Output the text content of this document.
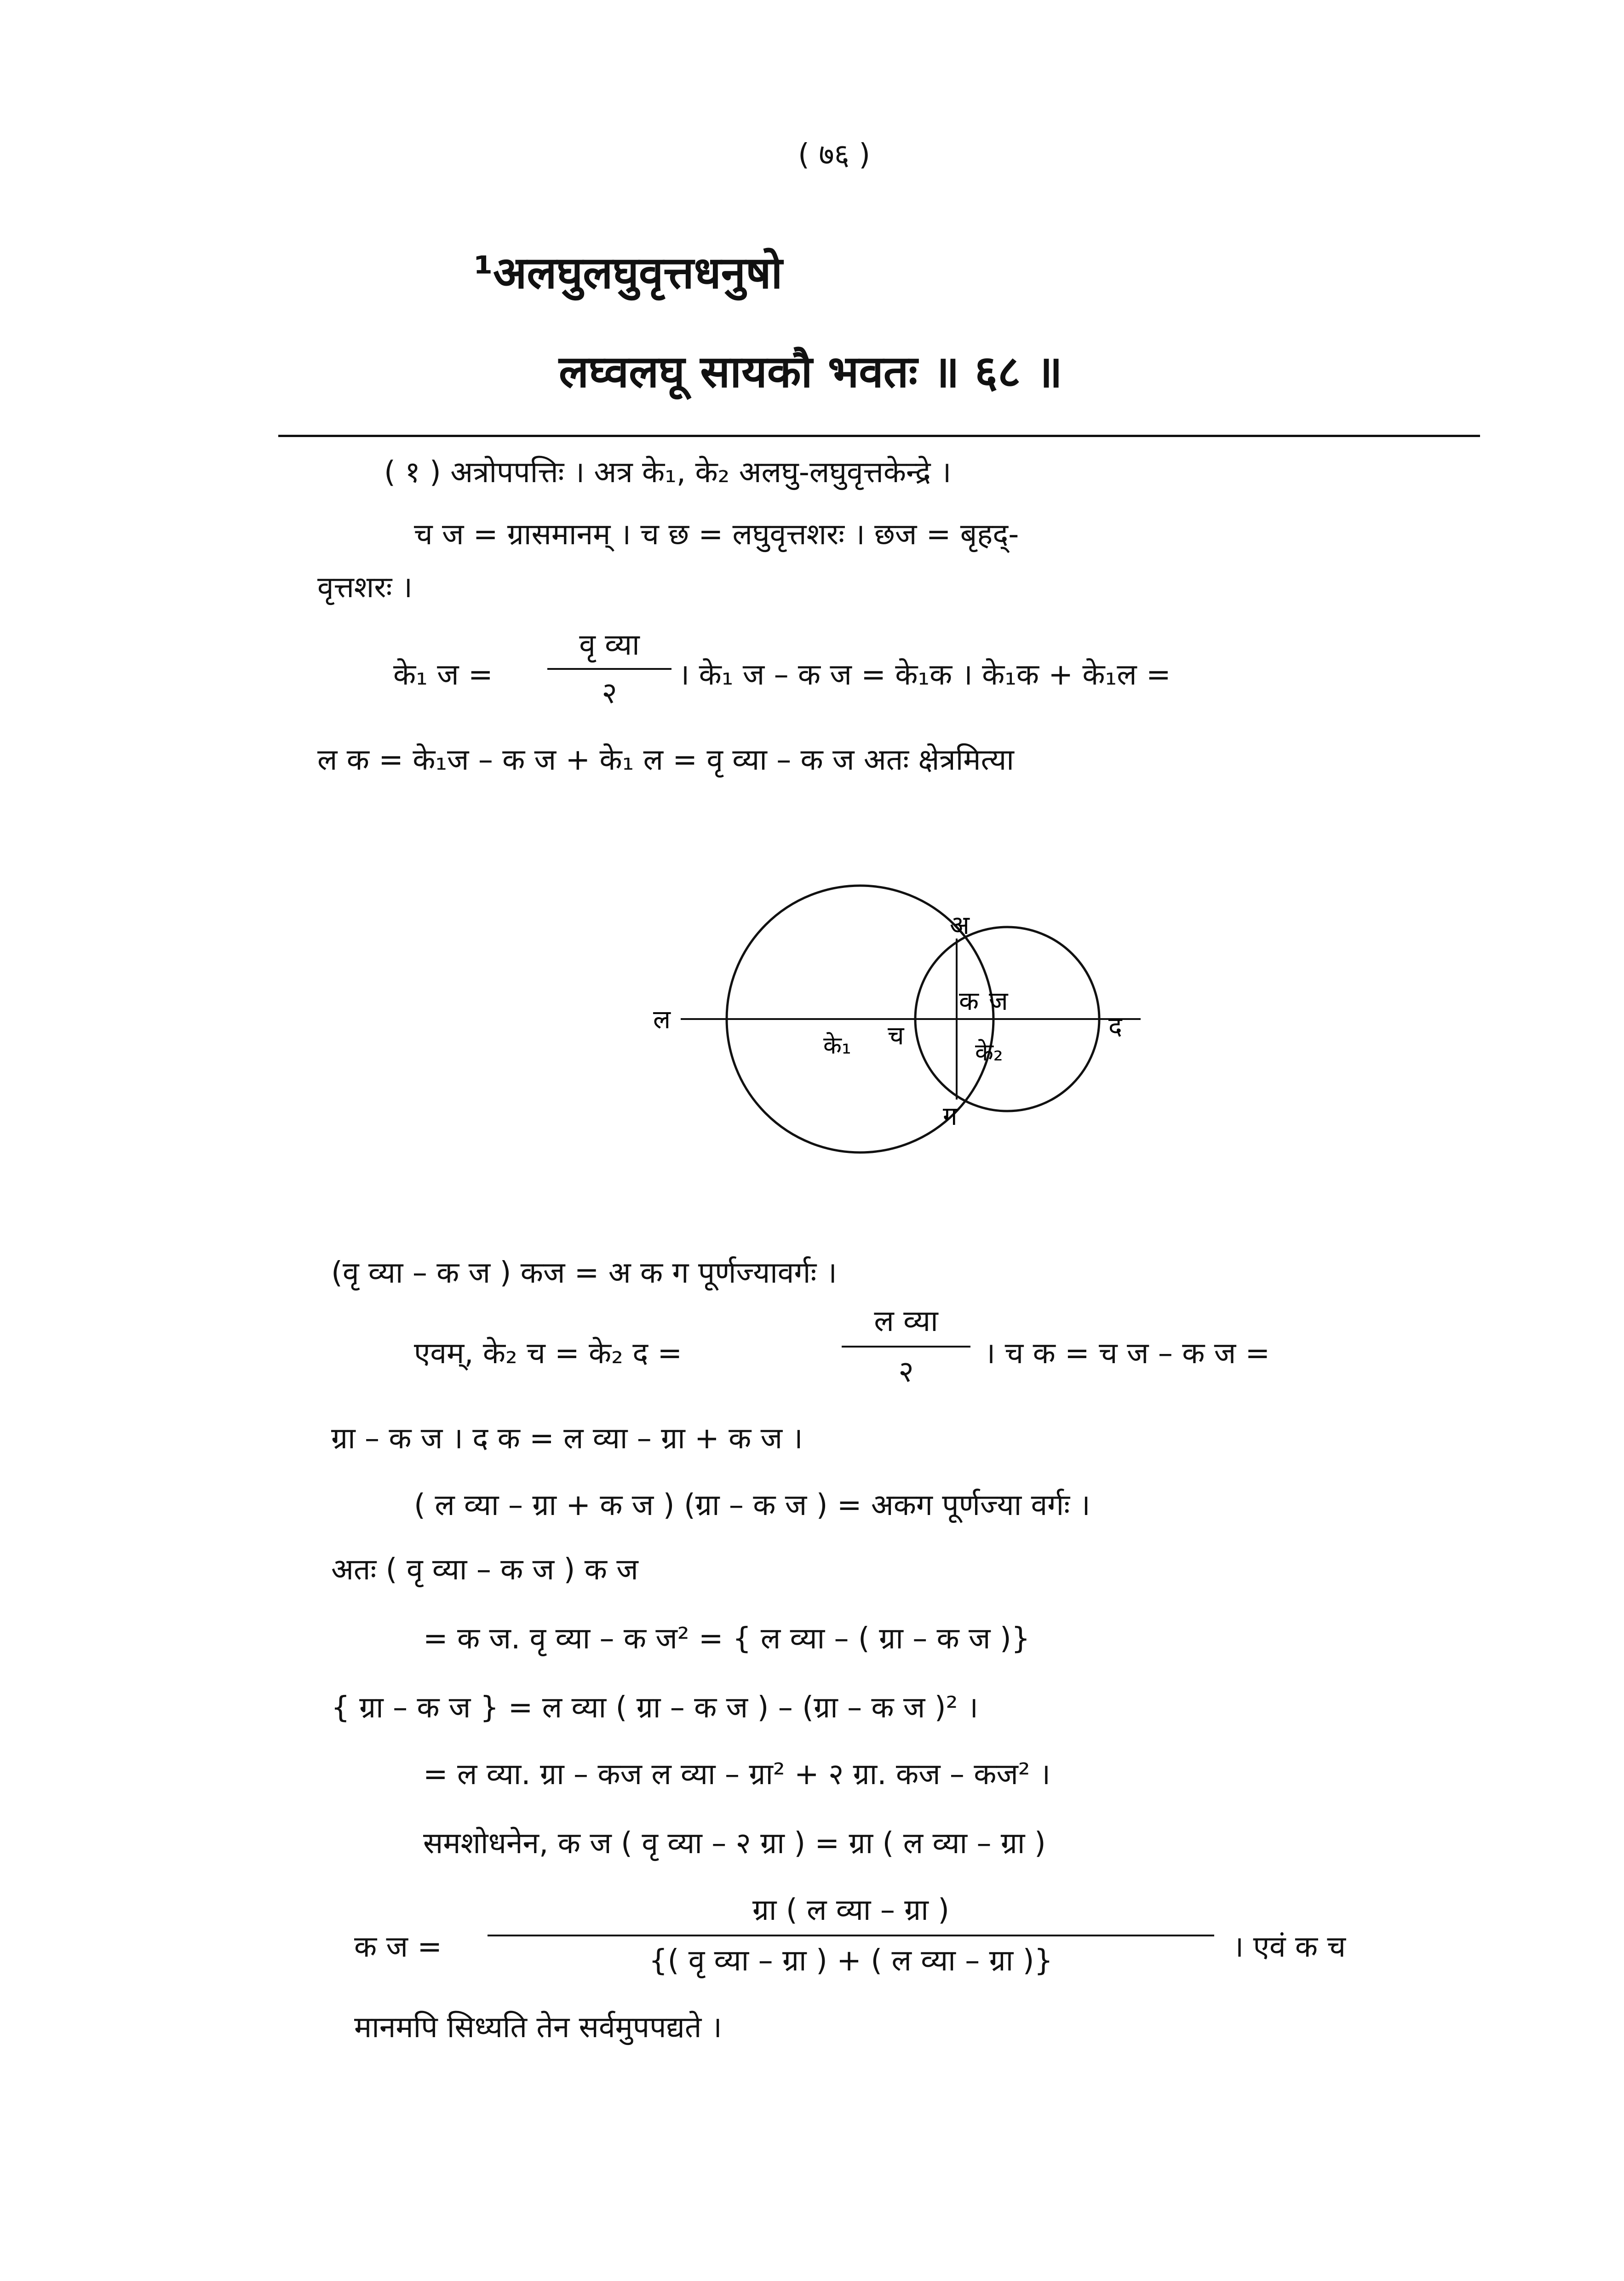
( ७६ )
¹अलघुलघुवृत्तधनुषो
लघ्वलघू सायकौ भवतः ॥ ६८ ॥
( १ ) अत्रोपपत्तिः । अत्र के₁, के₂ अलघु-लघुवृत्तकेन्द्रे ।
च ज = ग्रासमानम् । च छ = लघुवृत्तशरः । छज = बृहद्-
वृत्तशरः ।
के₁ ज =
वृ व्या
२
। के₁ ज – क ज = के₁क । के₁क + के₁ल =
ल क = के₁ज – क ज + के₁ ल = वृ व्या – क ज अतः क्षेत्रमित्या
ल
अ
क ज
के₁ च
के₂
ग
द
(वृ व्या – क ज ) कज = अ क ग पूर्णज्यावर्गः ।
एवम्, के₂ च = के₂ द =
ल व्या
२
। च क = च ज – क ज =
ग्रा – क ज । द क = ल व्या – ग्रा + क ज ।
( ल व्या – ग्रा + क ज ) (ग्रा – क ज ) = अकग पूर्णज्या वर्गः ।
अतः ( वृ व्या – क ज ) क ज
= क ज. वृ व्या – क ज² = { ल व्या – ( ग्रा – क ज )}
{ ग्रा – क ज } = ल व्या ( ग्रा – क ज ) – (ग्रा – क ज )² ।
= ल व्या. ग्रा – कज ल व्या – ग्रा² + २ ग्रा. कज – कज² ।
समशोधनेन, क ज ( वृ व्या – २ ग्रा ) = ग्रा ( ल व्या – ग्रा )
क ज =
ग्रा ( ल व्या – ग्रा )
{( वृ व्या – ग्रा ) + ( ल व्या – ग्रा )}	। एवं क च
मानमपि सिध्यति तेन सर्वमुपपद्यते ।
